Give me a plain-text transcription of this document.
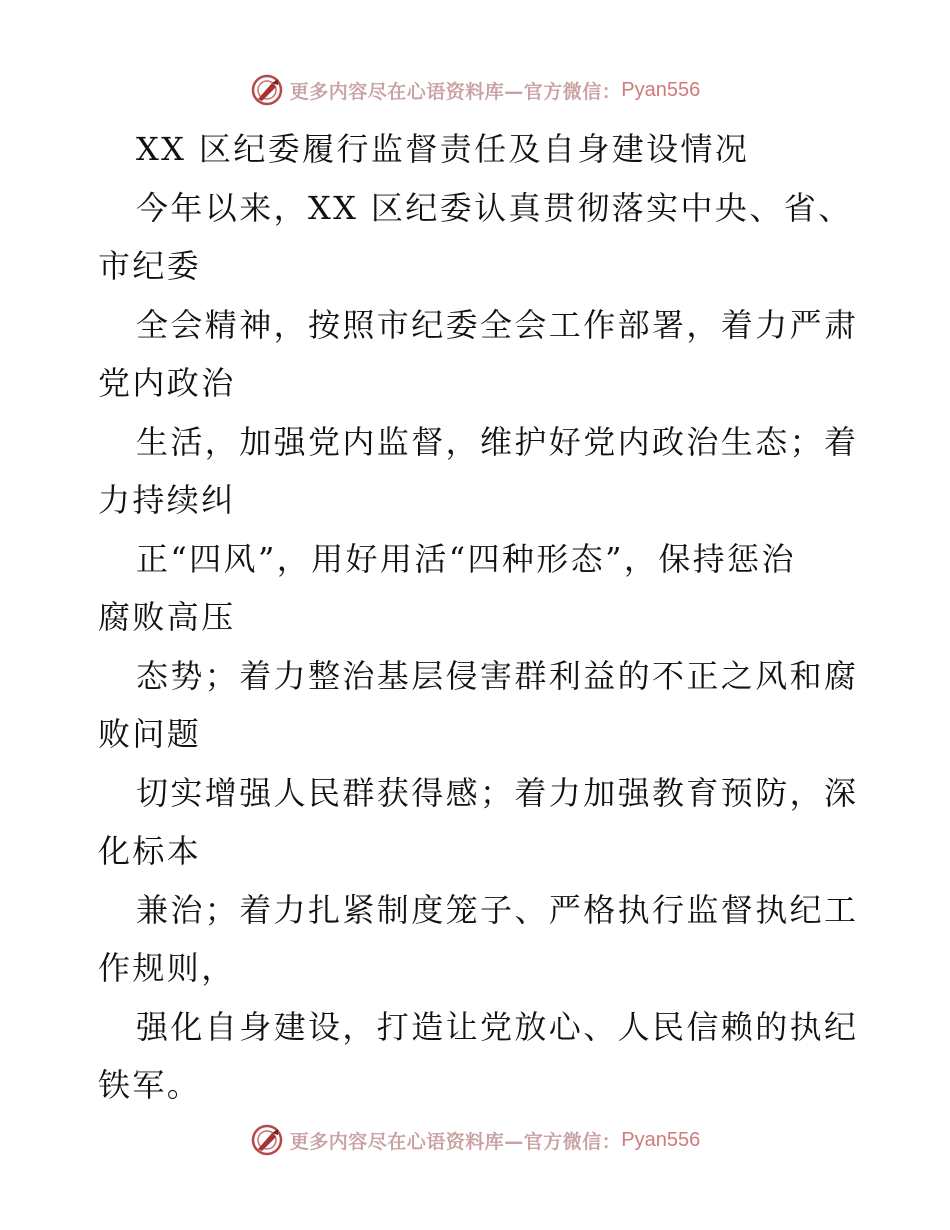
更多内容尽在心语资料库—官方微信： Pyan556
XX 区纪委履行监督责任及自身建设情况
今年以来，XX 区纪委认真贯彻落实中央、省、
市纪委
全会精神，按照市纪委全会工作部署，着力严肃
党内政治
生活，加强党内监督，维护好党内政治生态；着
力持续纠
正“四风”，用好用活“四种形态”，保持惩治
腐败高压
态势；着力整治基层侵害群利益的不正之风和腐
败问题
切实增强人民群获得感；着力加强教育预防，深
化标本
兼治；着力扎紧制度笼子、严格执行监督执纪工
作规则，
强化自身建设，打造让党放心、人民信赖的执纪
铁军。
更多内容尽在心语资料库—官方微信： Pyan556
